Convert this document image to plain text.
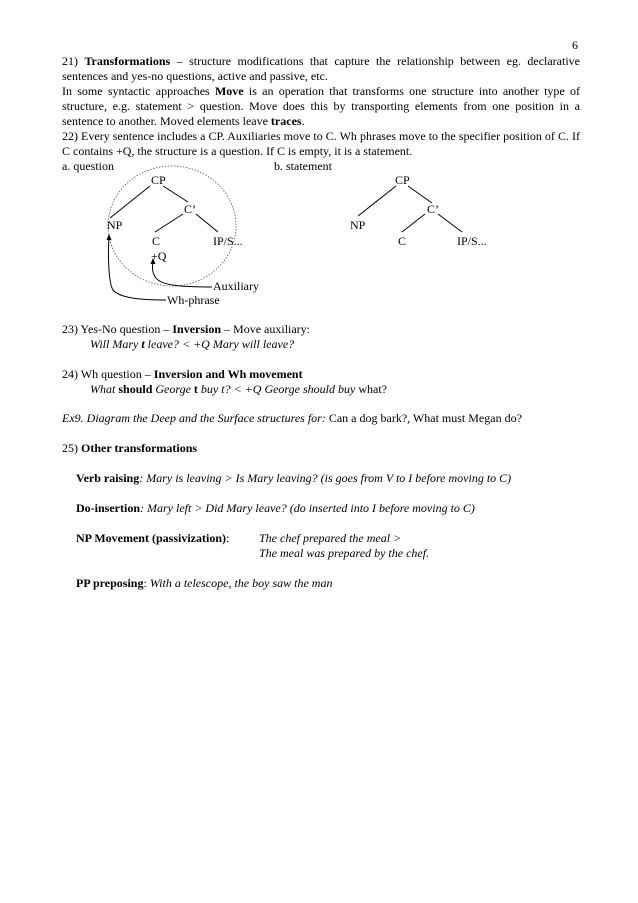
6
21) Transformations – structure modifications that capture the relationship between eg. declarative sentences and yes-no questions, active and passive, etc.
In some syntactic approaches Move is an operation that transforms one structure into another type of structure, e.g. statement > question. Move does this by transporting elements from one position in a sentence to another. Moved elements leave traces.
22) Every sentence includes a CP. Auxiliaries move to C. Wh phrases move to the specifier position of C. If C contains +Q, the structure is a question. If C is empty, it is a statement.
a. question	b. statement
CP
C’
NP
C	IP/S...
+Q
Auxiliary
Wh-phrase
CP
C’
NP
C	IP/S...
23) Yes-No question – Inversion – Move auxiliary:
Will Mary t leave? < +Q Mary will leave?
24) Wh question – Inversion and Wh movement
What should George t buy t? < +Q George should buy what?
Ex9. Diagram the Deep and the Surface structures for: Can a dog bark?, What must Megan do?
25) Other transformations
Verb raising: Mary is leaving > Is Mary leaving? (is goes from V to I before moving to C)
Do-insertion: Mary left > Did Mary leave? (do inserted into I before moving to C)
NP Movement (passivization):	The chef prepared the meal >
The meal was prepared by the chef.
PP preposing: With a telescope, the boy saw the man
